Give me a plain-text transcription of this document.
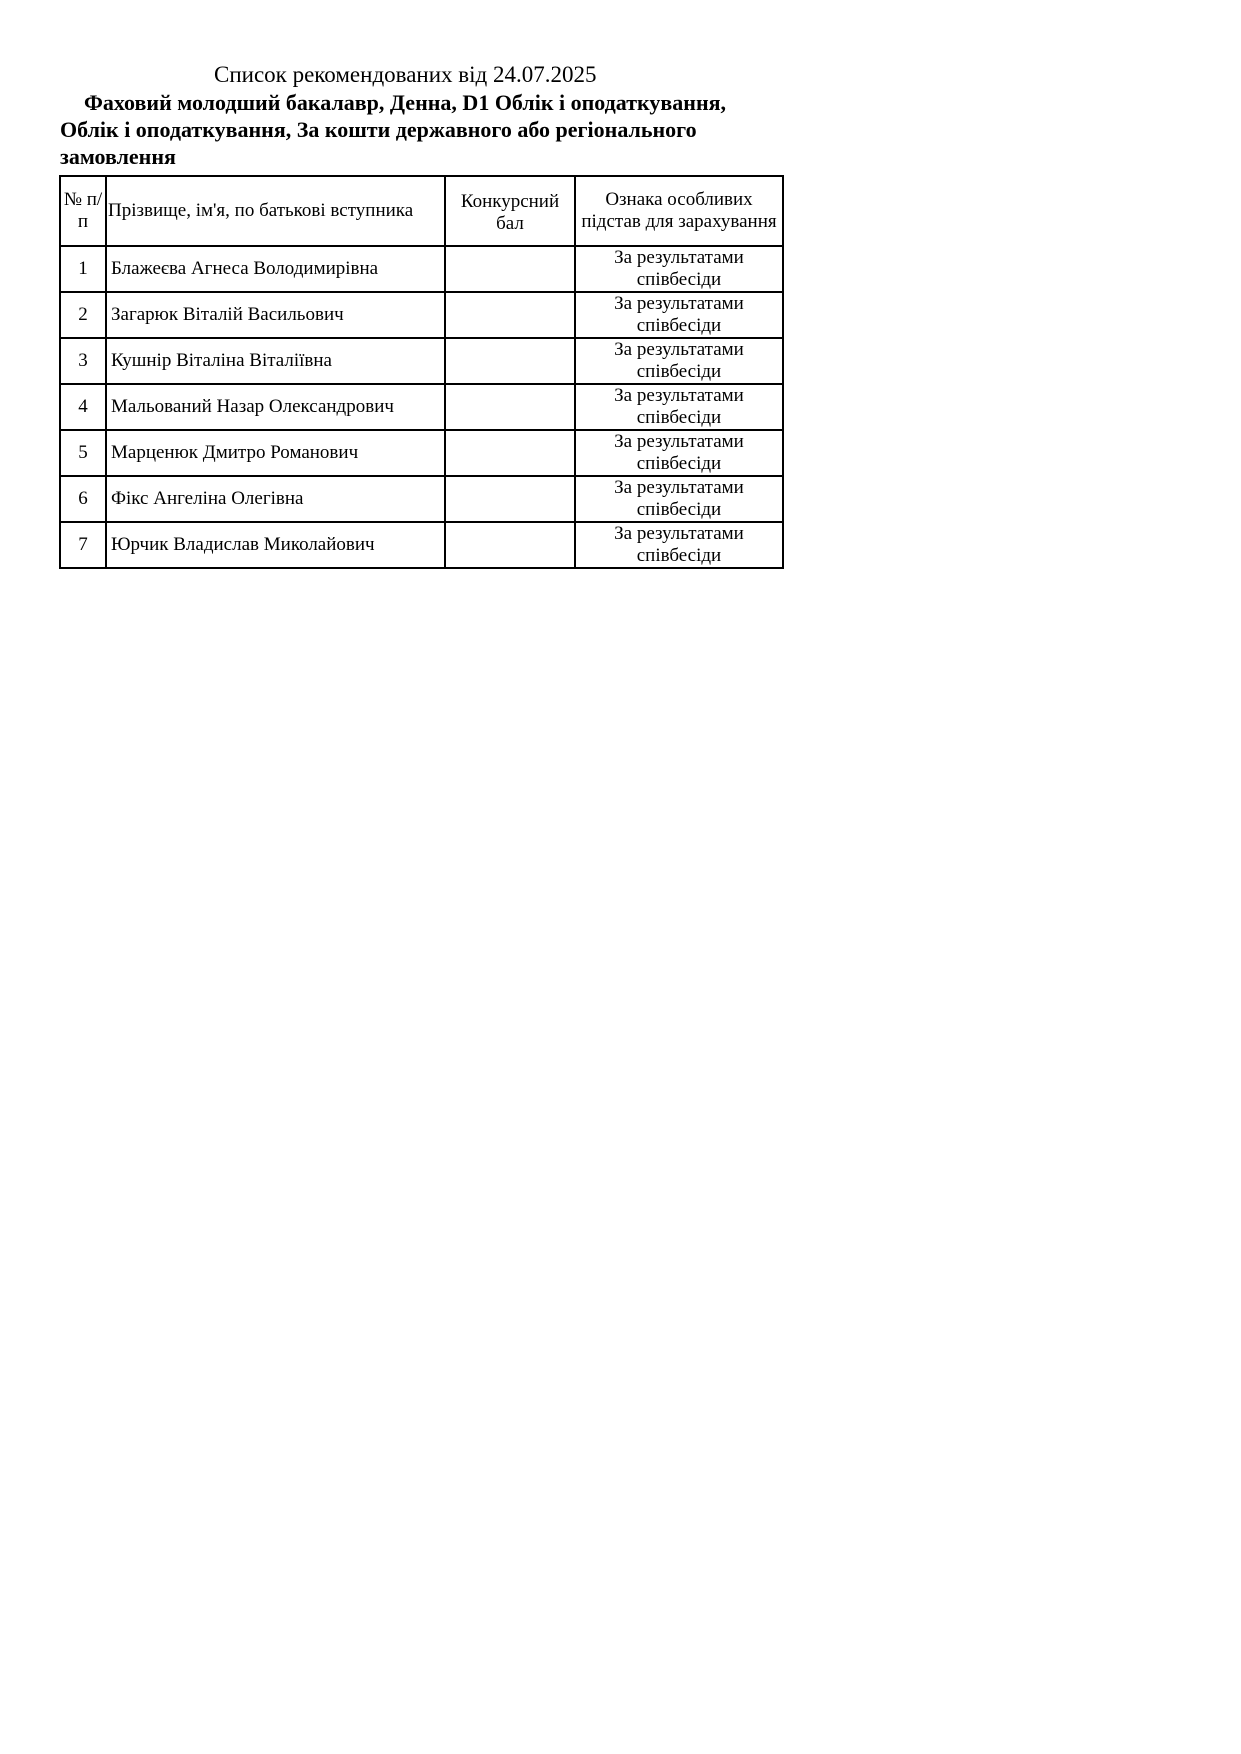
Список рекомендованих від 24.07.2025
Фаховий молодший бакалавр, Денна, D1 Облік і оподаткування, Облік і оподаткування, За кошти державного або регіонального замовлення
№ п/п	Прізвище, ім'я, по батькові вступника	Конкурсний бал	Ознака особливих підстав для зарахування
1	Блажеєва Агнеса Володимирівна		За результатами співбесіди
2	Загарюк Віталій Васильович		За результатами співбесіди
3	Кушнір Віталіна Віталіївна		За результатами співбесіди
4	Мальований Назар Олександрович		За результатами співбесіди
5	Марценюк Дмитро Романович		За результатами співбесіди
6	Фікс Ангеліна Олегівна		За результатами співбесіди
7	Юрчик Владислав Миколайович		За результатами співбесіди
